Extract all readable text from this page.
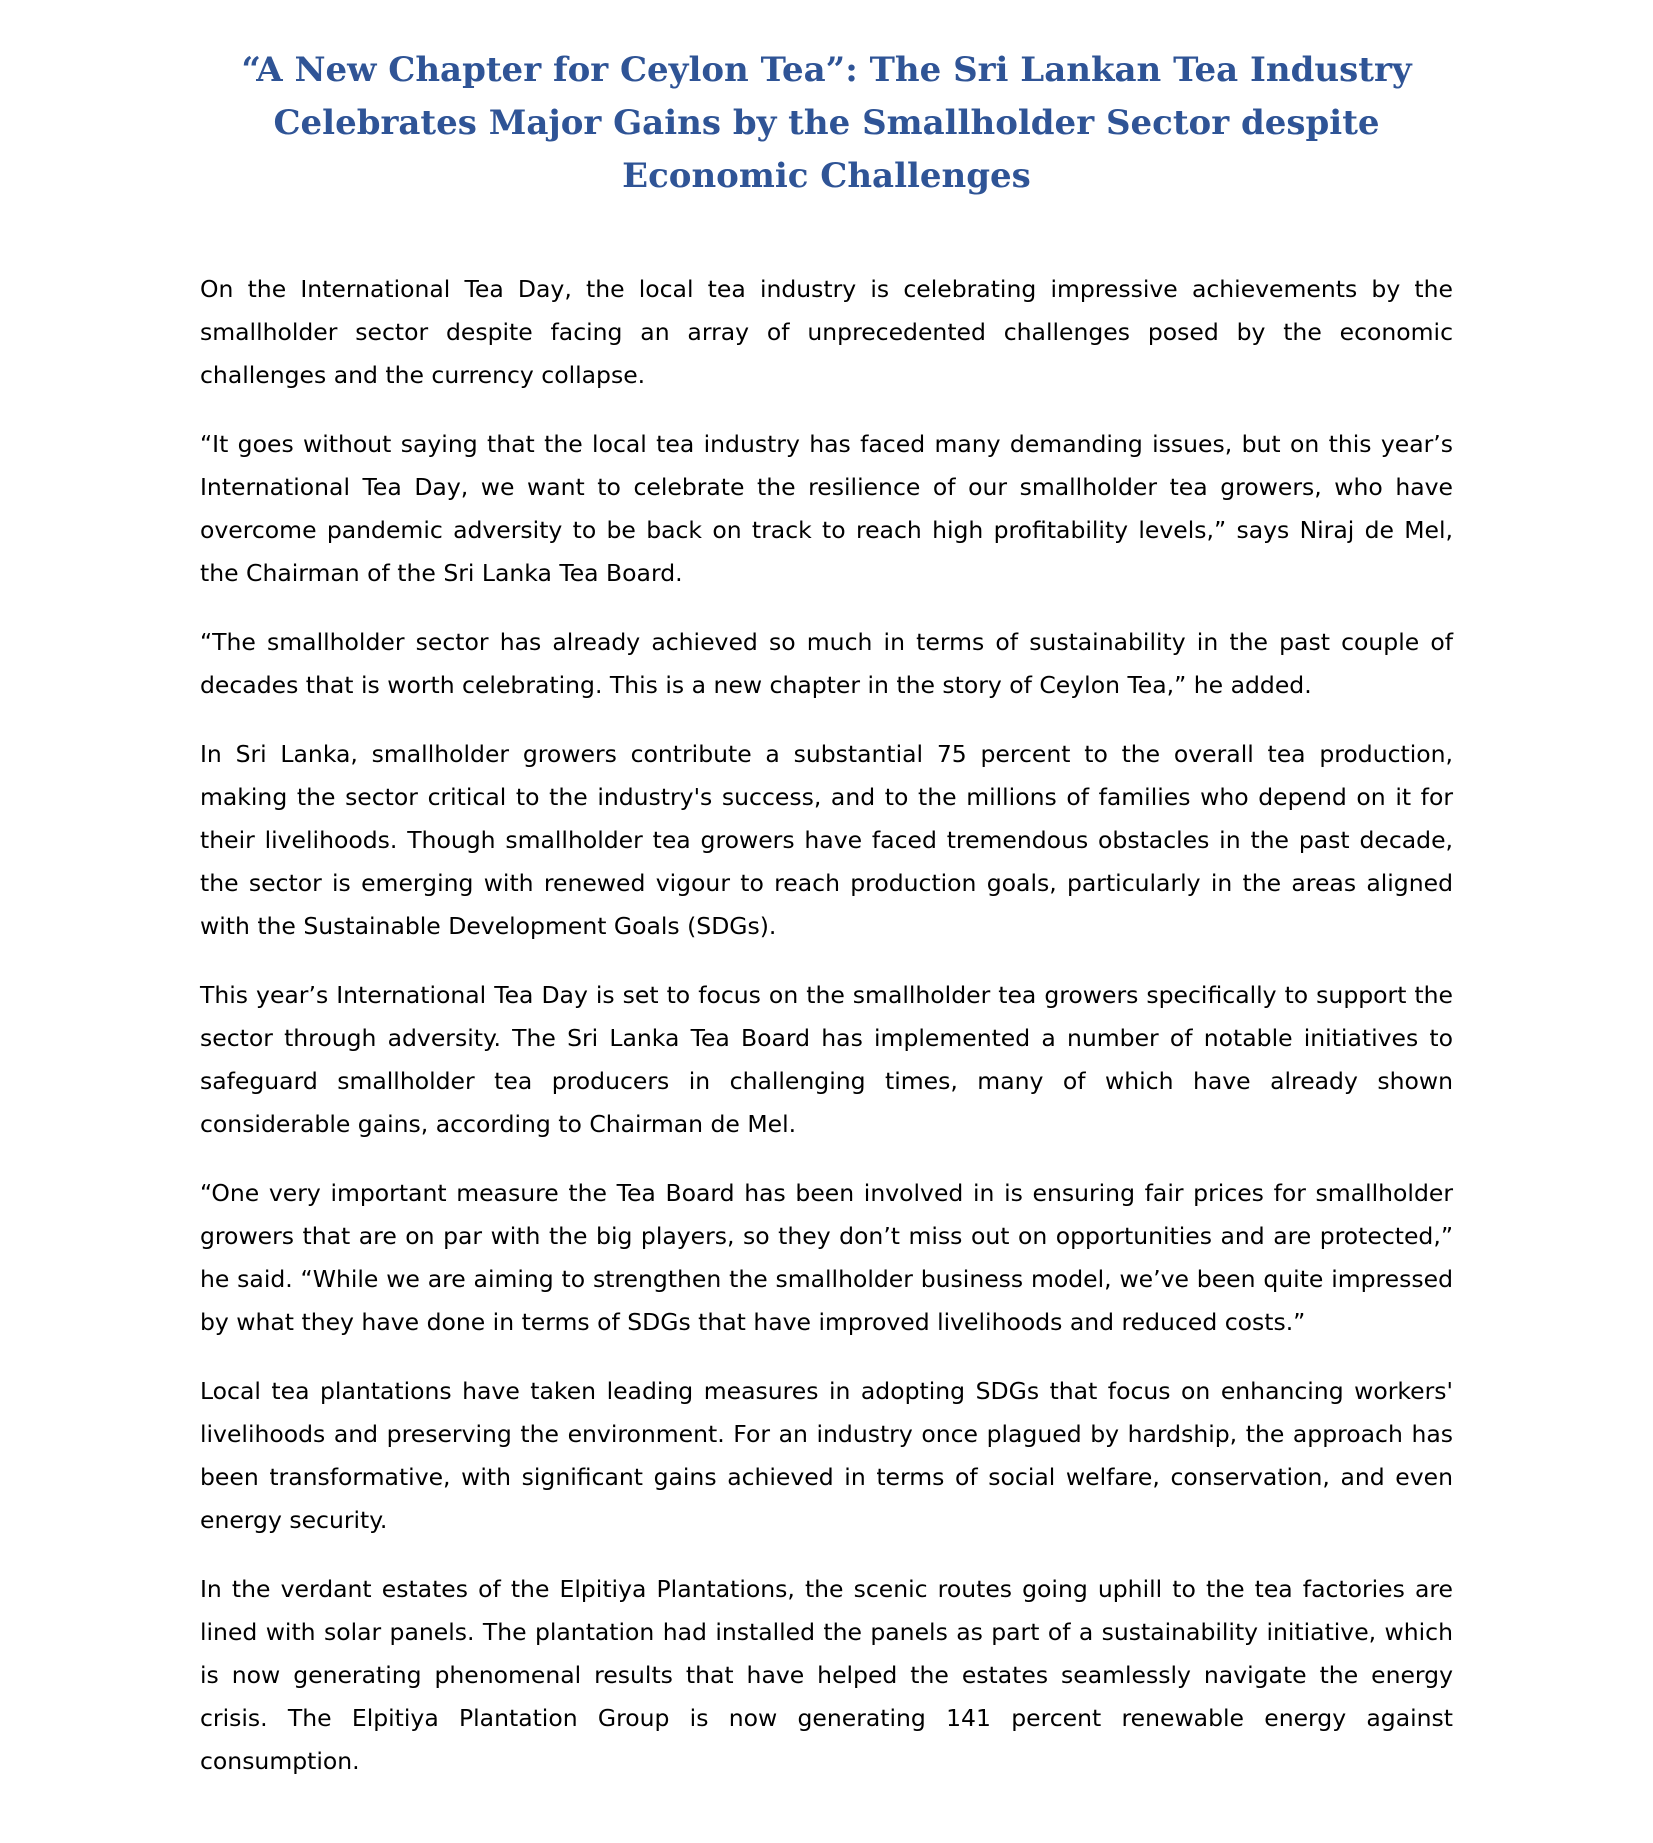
“A New Chapter for Ceylon Tea”: The Sri Lankan Tea Industry Celebrates Major Gains by the Smallholder Sector despite Economic Challenges

On the International Tea Day, the local tea industry is celebrating impressive achievements by the smallholder sector despite facing an array of unprecedented challenges posed by the economic challenges and the currency collapse.

“It goes without saying that the local tea industry has faced many demanding issues, but on this year’s International Tea Day, we want to celebrate the resilience of our smallholder tea growers, who have overcome pandemic adversity to be back on track to reach high profitability levels,” says Niraj de Mel, the Chairman of the Sri Lanka Tea Board.

“The smallholder sector has already achieved so much in terms of sustainability in the past couple of decades that is worth celebrating. This is a new chapter in the story of Ceylon Tea,” he added.

In Sri Lanka, smallholder growers contribute a substantial 75 percent to the overall tea production, making the sector critical to the industry's success, and to the millions of families who depend on it for their livelihoods. Though smallholder tea growers have faced tremendous obstacles in the past decade, the sector is emerging with renewed vigour to reach production goals, particularly in the areas aligned with the Sustainable Development Goals (SDGs).

This year’s International Tea Day is set to focus on the smallholder tea growers specifically to support the sector through adversity. The Sri Lanka Tea Board has implemented a number of notable initiatives to safeguard smallholder tea producers in challenging times, many of which have already shown considerable gains, according to Chairman de Mel.

“One very important measure the Tea Board has been involved in is ensuring fair prices for smallholder growers that are on par with the big players, so they don’t miss out on opportunities and are protected,” he said. “While we are aiming to strengthen the smallholder business model, we’ve been quite impressed by what they have done in terms of SDGs that have improved livelihoods and reduced costs.”

Local tea plantations have taken leading measures in adopting SDGs that focus on enhancing workers' livelihoods and preserving the environment. For an industry once plagued by hardship, the approach has been transformative, with significant gains achieved in terms of social welfare, conservation, and even energy security.

In the verdant estates of the Elpitiya Plantations, the scenic routes going uphill to the tea factories are lined with solar panels. The plantation had installed the panels as part of a sustainability initiative, which is now generating phenomenal results that have helped the estates seamlessly navigate the energy crisis. The Elpitiya Plantation Group is now generating 141 percent renewable energy against consumption.
